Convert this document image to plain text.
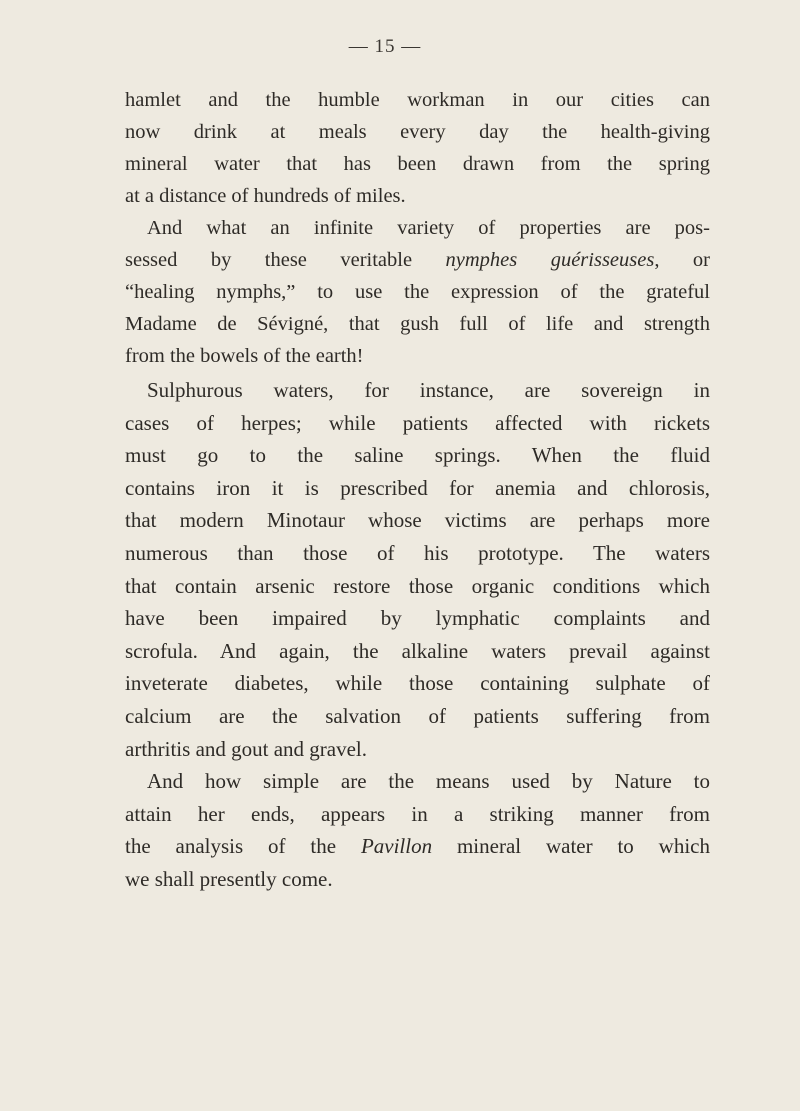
— 15 —
hamlet and the humble workman in our cities can
now drink at meals every day the health-giving
mineral water that has been drawn from the spring
at a distance of hundreds of miles.
And what an infinite variety of properties are pos-
sessed by these veritable nymphes guérisseuses, or
“healing nymphs,” to use the expression of the grateful
Madame de Sévigné, that gush full of life and strength
from the bowels of the earth!
Sulphurous waters, for instance, are sovereign in
cases of herpes; while patients affected with rickets
must go to the saline springs. When the fluid
contains iron it is prescribed for anemia and chlorosis,
that modern Minotaur whose victims are perhaps more
numerous than those of his prototype. The waters
that contain arsenic restore those organic conditions which
have been impaired by lymphatic complaints and
scrofula. And again, the alkaline waters prevail against
inveterate diabetes, while those containing sulphate of
calcium are the salvation of patients suffering from
arthritis and gout and gravel.
And how simple are the means used by Nature to
attain her ends, appears in a striking manner from
the analysis of the Pavillon mineral water to which
we shall presently come.
